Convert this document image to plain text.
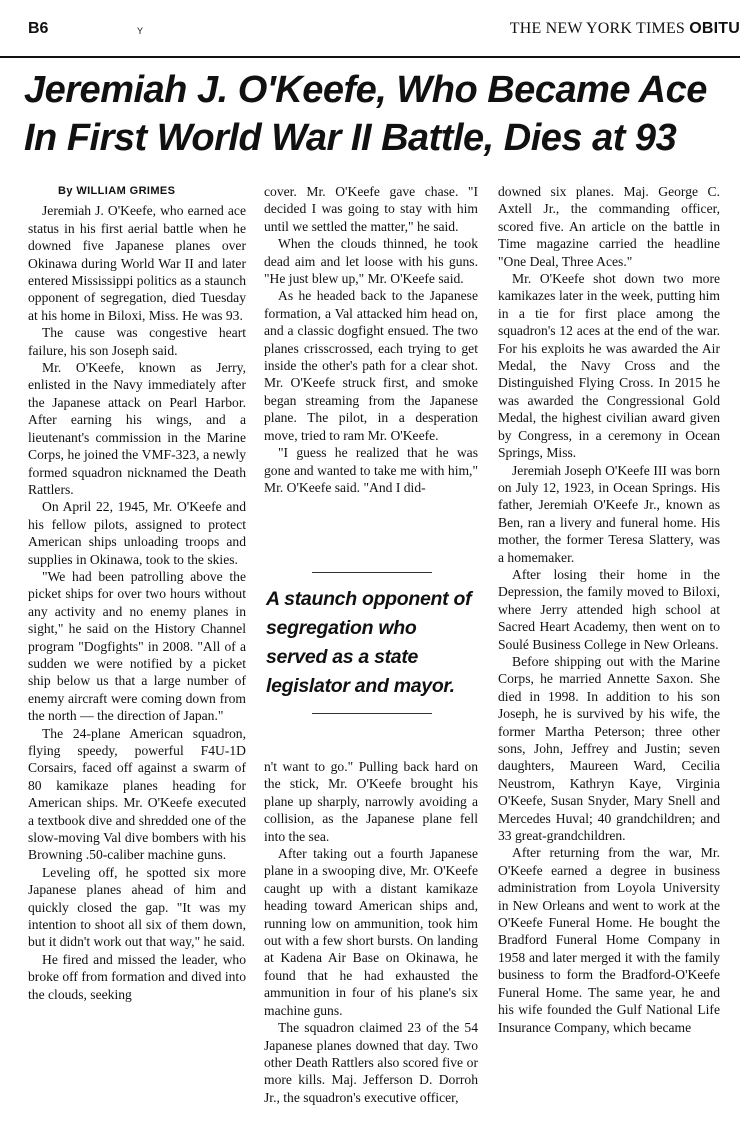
B6	Y	THE NEW YORK TIMES OBITU
Jeremiah J. O'Keefe, Who Became Ace
In First World War II Battle, Dies at 93
By WILLIAM GRIMES

Jeremiah J. O'Keefe, who earned ace status in his first aerial battle when he downed five Japanese planes over Okinawa during World War II and later entered Mississippi politics as a staunch opponent of segregation, died Tuesday at his home in Biloxi, Miss. He was 93.

The cause was congestive heart failure, his son Joseph said.

Mr. O'Keefe, known as Jerry, enlisted in the Navy immediately after the Japanese attack on Pearl Harbor. After earning his wings, and a lieutenant's commission in the Marine Corps, he joined the VMF-323, a newly formed squadron nicknamed the Death Rattlers.

On April 22, 1945, Mr. O'Keefe and his fellow pilots, assigned to protect American ships unloading troops and supplies in Okinawa, took to the skies.

"We had been patrolling above the picket ships for over two hours without any activity and no enemy planes in sight," he said on the History Channel program "Dogfights" in 2008. "All of a sudden we were notified by a picket ship below us that a large number of enemy aircraft were coming down from the north — the direction of Japan."

The 24-plane American squadron, flying speedy, powerful F4U-1D Corsairs, faced off against a swarm of 80 kamikaze planes heading for American ships. Mr. O'Keefe executed a textbook dive and shredded one of the slow-moving Val dive bombers with his Browning .50-caliber machine guns.

Leveling off, he spotted six more Japanese planes ahead of him and quickly closed the gap. "It was my intention to shoot all six of them down, but it didn't work out that way," he said.

He fired and missed the leader, who broke off from formation and dived into the clouds, seeking

cover. Mr. O'Keefe gave chase. "I decided I was going to stay with him until we settled the matter," he said.

When the clouds thinned, he took dead aim and let loose with his guns. "He just blew up," Mr. O'Keefe said.

As he headed back to the Japanese formation, a Val attacked him head on, and a classic dogfight ensued. The two planes crisscrossed, each trying to get inside the other's path for a clear shot. Mr. O'Keefe struck first, and smoke began streaming from the Japanese plane. The pilot, in a desperation move, tried to ram Mr. O'Keefe.

"I guess he realized that he was gone and wanted to take me with him," Mr. O'Keefe said. "And I did-

A staunch opponent of segregation who served as a state legislator and mayor.

n't want to go." Pulling back hard on the stick, Mr. O'Keefe brought his plane up sharply, narrowly avoiding a collision, as the Japanese plane fell into the sea.

After taking out a fourth Japanese plane in a swooping dive, Mr. O'Keefe caught up with a distant kamikaze heading toward American ships and, running low on ammunition, took him out with a few short bursts. On landing at Kadena Air Base on Okinawa, he found that he had exhausted the ammunition in four of his plane's six machine guns.

The squadron claimed 23 of the 54 Japanese planes downed that day. Two other Death Rattlers also scored five or more kills. Maj. Jefferson D. Dorroh Jr., the squadron's executive officer,

downed six planes. Maj. George C. Axtell Jr., the commanding officer, scored five. An article on the battle in Time magazine carried the headline "One Deal, Three Aces."

Mr. O'Keefe shot down two more kamikazes later in the week, putting him in a tie for first place among the squadron's 12 aces at the end of the war. For his exploits he was awarded the Air Medal, the Navy Cross and the Distinguished Flying Cross. In 2015 he was awarded the Congressional Gold Medal, the highest civilian award given by Congress, in a ceremony in Ocean Springs, Miss.

Jeremiah Joseph O'Keefe III was born on July 12, 1923, in Ocean Springs. His father, Jeremiah O'Keefe Jr., known as Ben, ran a livery and funeral home. His mother, the former Teresa Slattery, was a homemaker.

After losing their home in the Depression, the family moved to Biloxi, where Jerry attended high school at Sacred Heart Academy, then went on to Soulé Business College in New Orleans.

Before shipping out with the Marine Corps, he married Annette Saxon. She died in 1998. In addition to his son Joseph, he is survived by his wife, the former Martha Peterson; three other sons, John, Jeffrey and Justin; seven daughters, Maureen Ward, Cecilia Neustrom, Kathryn Kaye, Virginia O'Keefe, Susan Snyder, Mary Snell and Mercedes Huval; 40 grandchildren; and 33 great-grandchildren.

After returning from the war, Mr. O'Keefe earned a degree in business administration from Loyola University in New Orleans and went to work at the O'Keefe Funeral Home. He bought the Bradford Funeral Home Company in 1958 and later merged it with the family business to form the Bradford-O'Keefe Funeral Home. The same year, he and his wife founded the Gulf National Life Insurance Company, which became
